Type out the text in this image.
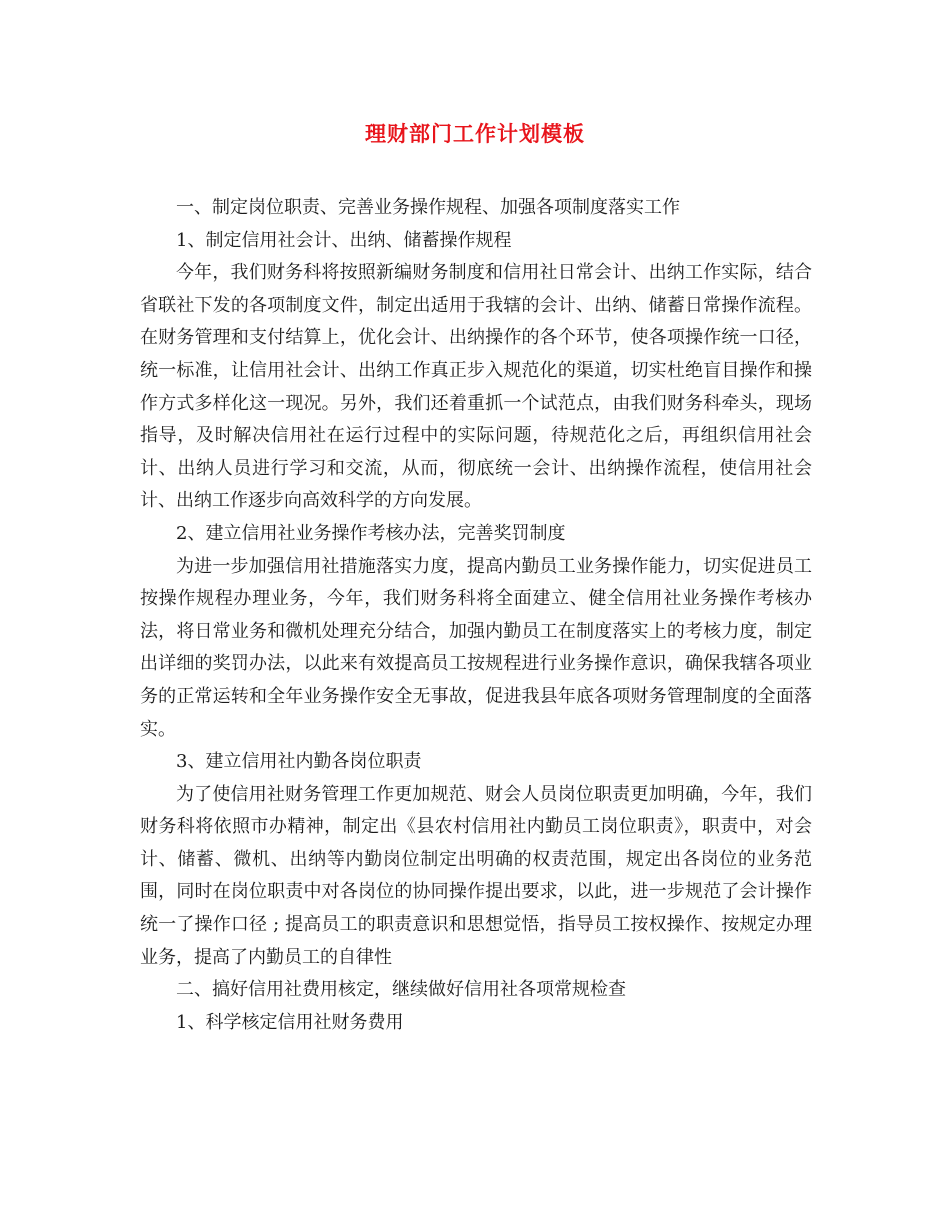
理财部门工作计划模板

一、制定岗位职责、完善业务操作规程、加强各项制度落实工作

1、制定信用社会计、出纳、储蓄操作规程

今年，我们财务科将按照新编财务制度和信用社日常会计、出纳工作实际，结合省联社下发的各项制度文件，制定出适用于我辖的会计、出纳、储蓄日常操作流程。在财务管理和支付结算上，优化会计、出纳操作的各个环节，使各项操作统一口径，统一标准，让信用社会计、出纳工作真正步入规范化的渠道，切实杜绝盲目操作和操作方式多样化这一现况。另外，我们还着重抓一个试范点，由我们财务科牵头，现场指导，及时解决信用社在运行过程中的实际问题，待规范化之后，再组织信用社会计、出纳人员进行学习和交流，从而，彻底统一会计、出纳操作流程，使信用社会计、出纳工作逐步向高效科学的方向发展。

2、建立信用社业务操作考核办法，完善奖罚制度

为进一步加强信用社措施落实力度，提高内勤员工业务操作能力，切实促进员工按操作规程办理业务，今年，我们财务科将全面建立、健全信用社业务操作考核办法，将日常业务和微机处理充分结合，加强内勤员工在制度落实上的考核力度，制定出详细的奖罚办法，以此来有效提高员工按规程进行业务操作意识，确保我辖各项业务的正常运转和全年业务操作安全无事故，促进我县年底各项财务管理制度的全面落实。

3、建立信用社内勤各岗位职责

为了使信用社财务管理工作更加规范、财会人员岗位职责更加明确，今年，我们财务科将依照市办精神，制定出《县农村信用社内勤员工岗位职责》，职责中，对会计、储蓄、微机、出纳等内勤岗位制定出明确的权责范围，规定出各岗位的业务范围，同时在岗位职责中对各岗位的协同操作提出要求，以此，进一步规范了会计操作统一了操作口径 ; 提高员工的职责意识和思想觉悟，指导员工按权操作、按规定办理业务，提高了内勤员工的自律性

二、搞好信用社费用核定，继续做好信用社各项常规检查

1、科学核定信用社财务费用
